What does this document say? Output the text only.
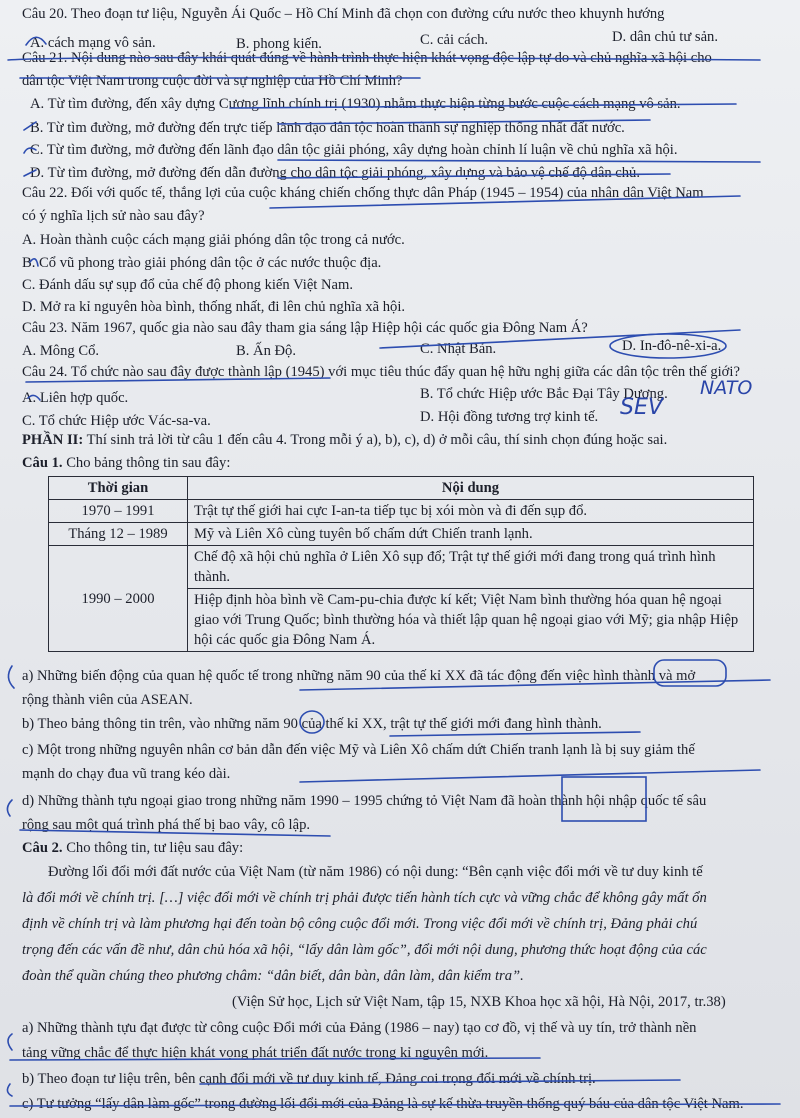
Câu 20. Theo đoạn tư liệu, Nguyễn Ái Quốc – Hồ Chí Minh đã chọn con đường cứu nước theo khuynh hướng
A. cách mạng vô sản.	B. phong kiến.	C. cải cách.	D. dân chủ tư sản.
Câu 21. Nội dung nào sau đây khái quát đúng về hành trình thực hiện khát vọng độc lập tự do và chủ nghĩa xã hội cho
dân tộc Việt Nam trong cuộc đời và sự nghiệp của Hồ Chí Minh?
A. Từ tìm đường, đến xây dựng Cương lĩnh chính trị (1930) nhằm thực hiện từng bước cuộc cách mạng vô sản.
B. Từ tìm đường, mở đường đến trực tiếp lãnh đạo dân tộc hoàn thành sự nghiệp thống nhất đất nước.
C. Từ tìm đường, mở đường đến lãnh đạo dân tộc giải phóng, xây dựng hoàn chỉnh lí luận về chủ nghĩa xã hội.
D. Từ tìm đường, mở đường đến dẫn đường cho dân tộc giải phóng, xây dựng và bảo vệ chế độ dân chủ.
Câu 22. Đối với quốc tế, thắng lợi của cuộc kháng chiến chống thực dân Pháp (1945 – 1954) của nhân dân Việt Nam
có ý nghĩa lịch sử nào sau đây?
A. Hoàn thành cuộc cách mạng giải phóng dân tộc trong cả nước.
B. Cổ vũ phong trào giải phóng dân tộc ở các nước thuộc địa.
C. Đánh dấu sự sụp đổ của chế độ phong kiến Việt Nam.
D. Mở ra kỉ nguyên hòa bình, thống nhất, đi lên chủ nghĩa xã hội.
Câu 23. Năm 1967, quốc gia nào sau đây tham gia sáng lập Hiệp hội các quốc gia Đông Nam Á?
A. Mông Cổ.	B. Ấn Độ.	C. Nhật Bản.	D. In-đô-nê-xi-a.
Câu 24. Tổ chức nào sau đây được thành lập (1945) với mục tiêu thúc đẩy quan hệ hữu nghị giữa các dân tộc trên thế giới?
A. Liên hợp quốc.	B. Tổ chức Hiệp ước Bắc Đại Tây Dương.
C. Tổ chức Hiệp ước Vác-sa-va.	D. Hội đồng tương trợ kinh tế.
NATO
SEV
PHẦN II: Thí sinh trả lời từ câu 1 đến câu 4. Trong mỗi ý a), b), c), d) ở mỗi câu, thí sinh chọn đúng hoặc sai.
Câu 1. Cho bảng thông tin sau đây:
Thời gian	Nội dung
1970 – 1991	Trật tự thế giới hai cực I-an-ta tiếp tục bị xói mòn và đi đến sụp đổ.
Tháng 12 – 1989	Mỹ và Liên Xô cùng tuyên bố chấm dứt Chiến tranh lạnh.
1990 – 2000	Chế độ xã hội chủ nghĩa ở Liên Xô sụp đổ; Trật tự thế giới mới đang trong quá trình hình thành.
	Hiệp định hòa bình về Cam-pu-chia được kí kết; Việt Nam bình thường hóa quan hệ ngoại giao với Trung Quốc; bình thường hóa và thiết lập quan hệ ngoại giao với Mỹ; gia nhập Hiệp hội các quốc gia Đông Nam Á.
a) Những biến động của quan hệ quốc tế trong những năm 90 của thế kỉ XX đã tác động đến việc hình thành và mở
rộng thành viên của ASEAN.
b) Theo bảng thông tin trên, vào những năm 90 của thế kỉ XX, trật tự thế giới mới đang hình thành.
c) Một trong những nguyên nhân cơ bản dẫn đến việc Mỹ và Liên Xô chấm dứt Chiến tranh lạnh là bị suy giảm thế
mạnh do chạy đua vũ trang kéo dài.
d) Những thành tựu ngoại giao trong những năm 1990 – 1995 chứng tỏ Việt Nam đã hoàn thành hội nhập quốc tế sâu
rộng sau một quá trình phá thế bị bao vây, cô lập.
Câu 2. Cho thông tin, tư liệu sau đây:
Đường lối đổi mới đất nước của Việt Nam (từ năm 1986) có nội dung: “Bên cạnh việc đổi mới về tư duy kinh tế
là đổi mới về chính trị. […] việc đổi mới về chính trị phải được tiến hành tích cực và vững chắc để không gây mất ổn
định về chính trị và làm phương hại đến toàn bộ công cuộc đổi mới. Trong việc đổi mới về chính trị, Đảng phải chú
trọng đến các vấn đề như, dân chủ hóa xã hội, “lấy dân làm gốc”, đổi mới nội dung, phương thức hoạt động của các
đoàn thể quần chúng theo phương châm: “dân biết, dân bàn, dân làm, dân kiểm tra”.
(Viện Sử học, Lịch sử Việt Nam, tập 15, NXB Khoa học xã hội, Hà Nội, 2017, tr.38)
a) Những thành tựu đạt được từ công cuộc Đổi mới của Đảng (1986 – nay) tạo cơ đồ, vị thế và uy tín, trở thành nền
tảng vững chắc để thực hiện khát vọng phát triển đất nước trong kỉ nguyên mới.
b) Theo đoạn tư liệu trên, bên cạnh đổi mới về tư duy kinh tế, Đảng coi trọng đổi mới về chính trị.
c) Tư tưởng “lấy dân làm gốc” trong đường lối đổi mới của Đảng là sự kế thừa truyền thống quý báu của dân tộc Việt Nam.
